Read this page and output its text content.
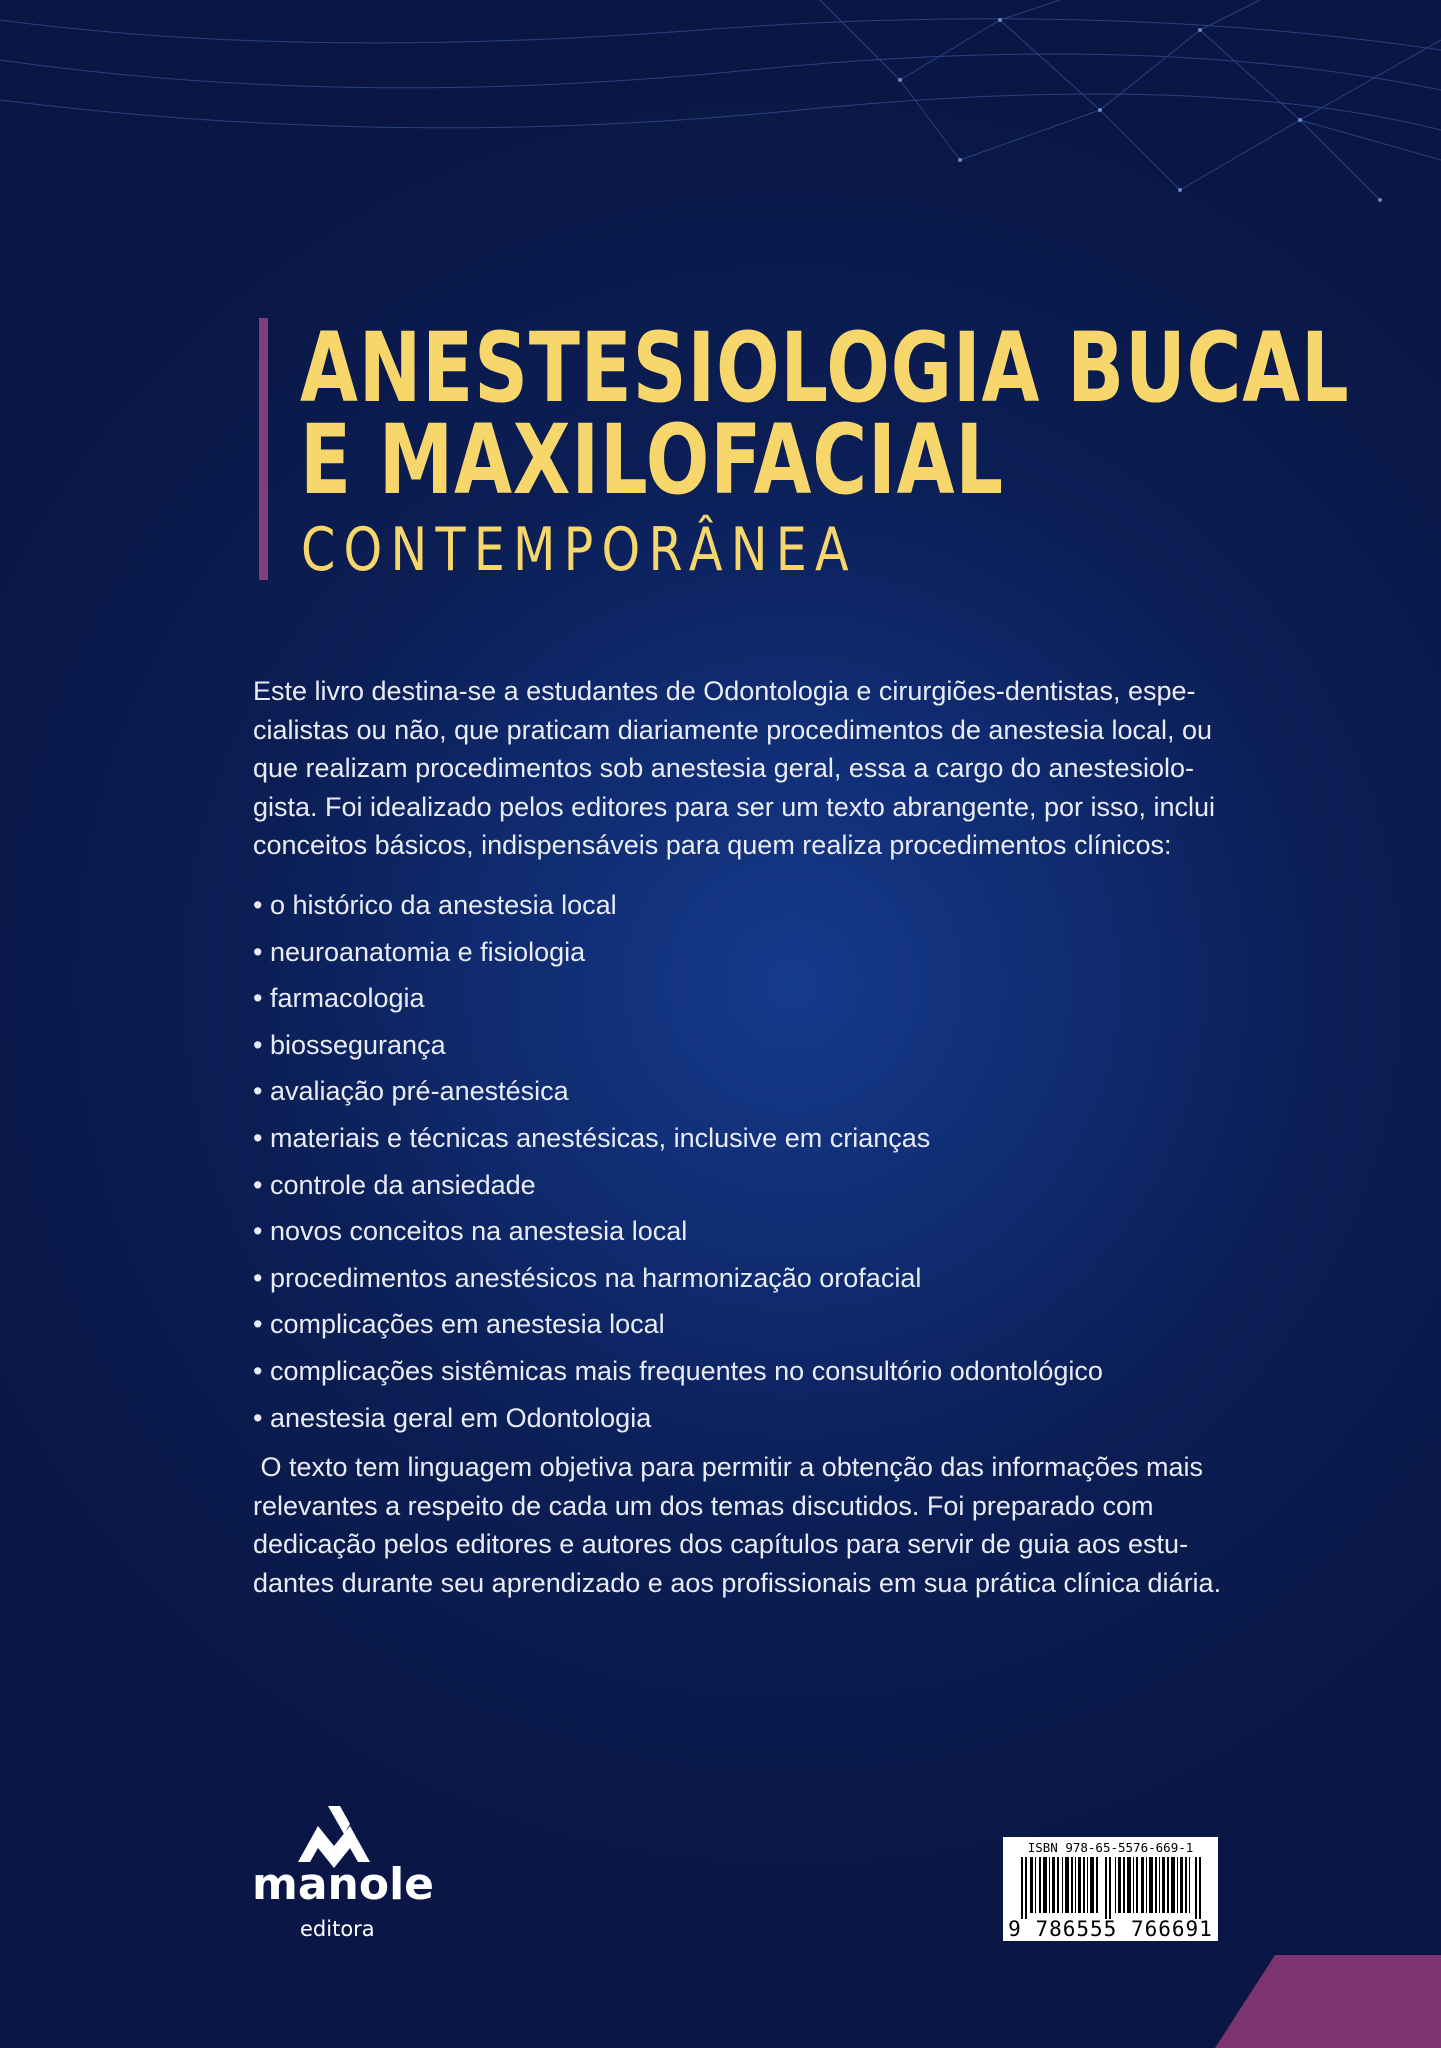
ANESTESIOLOGIA BUCAL
E MAXILOFACIAL
CONTEMPORÂNEA
Este livro destina-se a estudantes de Odontologia e cirurgiões-dentistas, espe-
cialistas ou não, que praticam diariamente procedimentos de anestesia local, ou
que realizam procedimentos sob anestesia geral, essa a cargo do anestesiolo-
gista. Foi idealizado pelos editores para ser um texto abrangente, por isso, inclui
conceitos básicos, indispensáveis para quem realiza procedimentos clínicos:
• o histórico da anestesia local
• neuroanatomia e fisiologia
• farmacologia
• biossegurança
• avaliação pré-anestésica
• materiais e técnicas anestésicas, inclusive em crianças
• controle da ansiedade
• novos conceitos na anestesia local
• procedimentos anestésicos na harmonização orofacial
• complicações em anestesia local
• complicações sistêmicas mais frequentes no consultório odontológico
• anestesia geral em Odontologia
O texto tem linguagem objetiva para permitir a obtenção das informações mais
relevantes a respeito de cada um dos temas discutidos. Foi preparado com
dedicação pelos editores e autores dos capítulos para servir de guia aos estu-
dantes durante seu aprendizado e aos profissionais em sua prática clínica diária.
manole
editora
ISBN 978-65-5576-669-1
9 786555 766691
